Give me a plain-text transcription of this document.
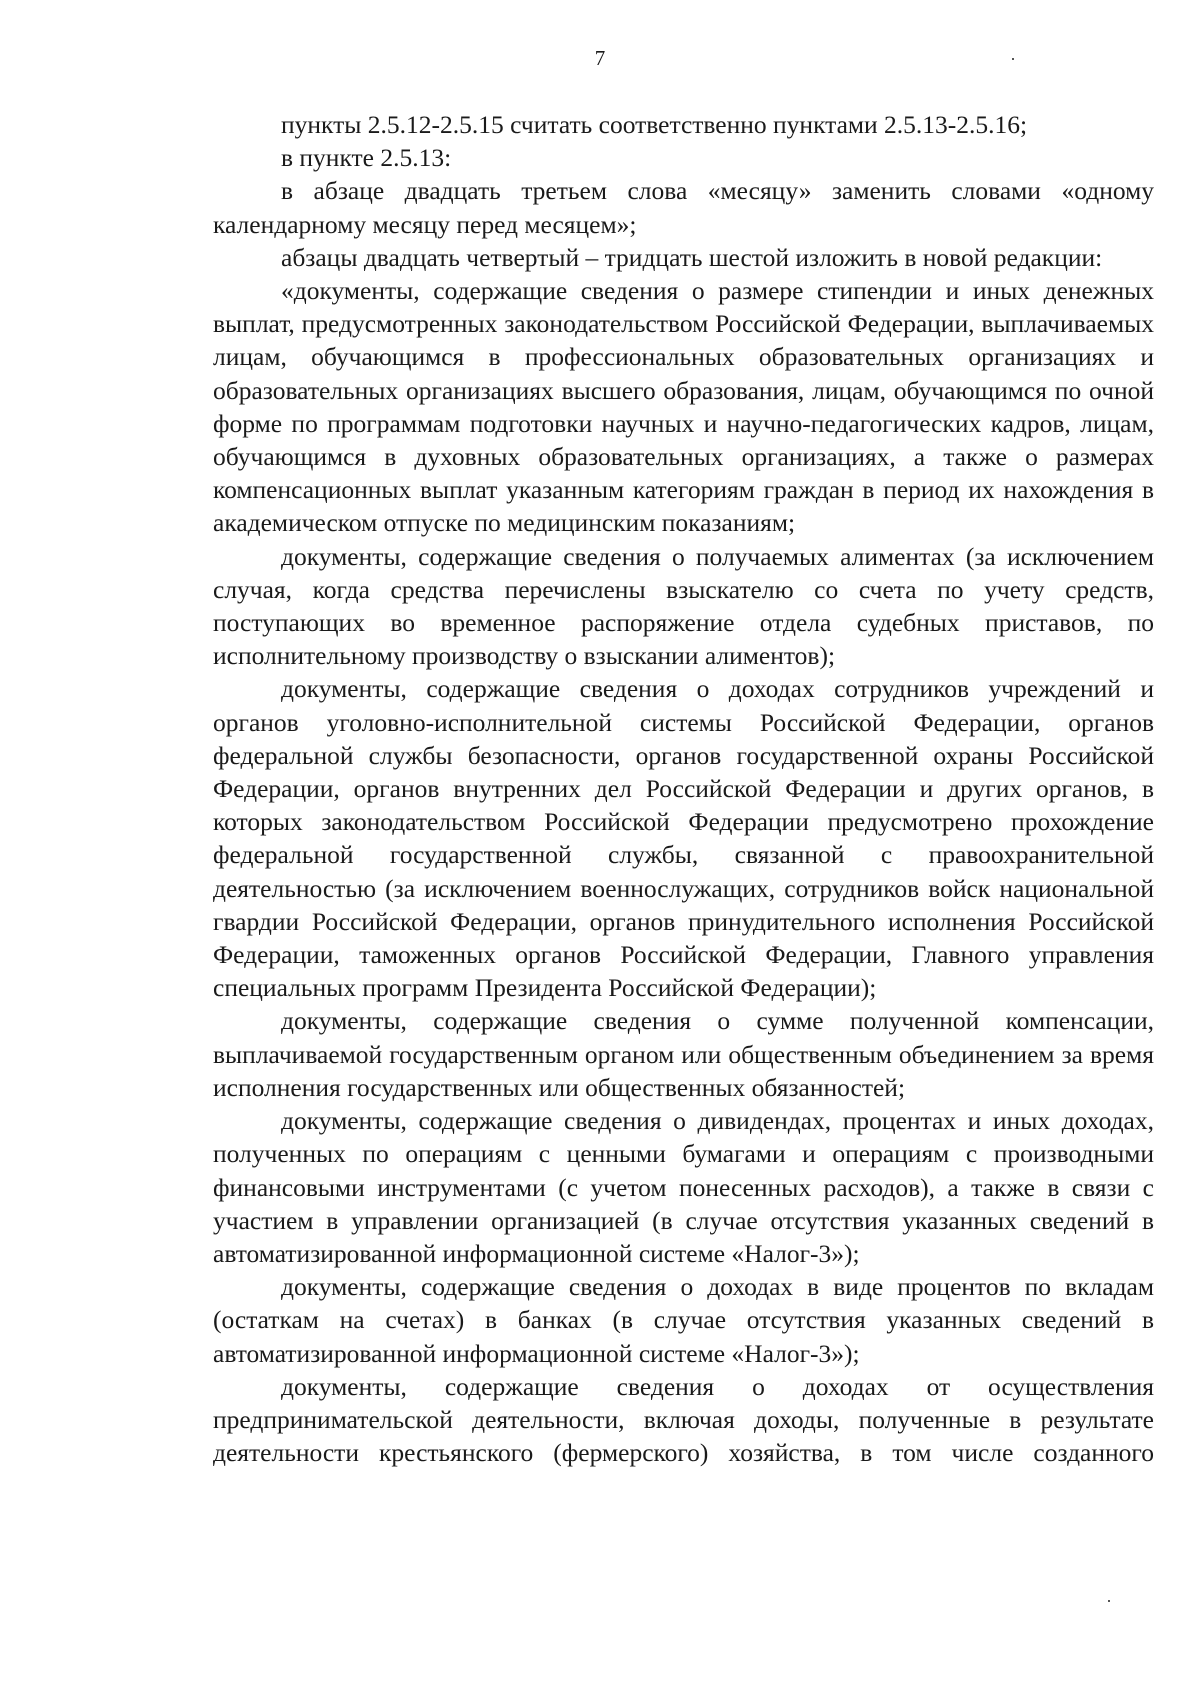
7

пункты 2.5.12-2.5.15 считать соответственно пунктами 2.5.13-2.5.16;

в пункте 2.5.13:

в абзаце двадцать третьем слова «месяцу» заменить словами «одному календарному месяцу перед месяцем»;

абзацы двадцать четвертый – тридцать шестой изложить в новой редакции:

«документы, содержащие сведения о размере стипендии и иных денежных выплат, предусмотренных законодательством Российской Федерации, выплачиваемых лицам, обучающимся в профессиональных образовательных организациях и образовательных организациях высшего образования, лицам, обучающимся по очной форме по программам подготовки научных и научно-педагогических кадров, лицам, обучающимся в духовных образовательных организациях, а также о размерах компенсационных выплат указанным категориям граждан в период их нахождения в академическом отпуске по медицинским показаниям;

документы, содержащие сведения о получаемых алиментах (за исключением случая, когда средства перечислены взыскателю со счета по учету средств, поступающих во временное распоряжение отдела судебных приставов, по исполнительному производству о взыскании алиментов);

документы, содержащие сведения о доходах сотрудников учреждений и органов уголовно-исполнительной системы Российской Федерации, органов федеральной службы безопасности, органов государственной охраны Российской Федерации, органов внутренних дел Российской Федерации и других органов, в которых законодательством Российской Федерации предусмотрено прохождение федеральной государственной службы, связанной с правоохранительной деятельностью (за исключением военнослужащих, сотрудников войск национальной гвардии Российской Федерации, органов принудительного исполнения Российской Федерации, таможенных органов Российской Федерации, Главного управления специальных программ Президента Российской Федерации);

документы, содержащие сведения о сумме полученной компенсации, выплачиваемой государственным органом или общественным объединением за время исполнения государственных или общественных обязанностей;

документы, содержащие сведения о дивидендах, процентах и иных доходах, полученных по операциям с ценными бумагами и операциям с производными финансовыми инструментами (с учетом понесенных расходов), а также в связи с участием в управлении организацией (в случае отсутствия указанных сведений в автоматизированной информационной системе «Налог-3»);

документы, содержащие сведения о доходах в виде процентов по вкладам (остаткам на счетах) в банках (в случае отсутствия указанных сведений в автоматизированной информационной системе «Налог-3»);

документы, содержащие сведения о доходах от осуществления предпринимательской деятельности, включая доходы, полученные в результате деятельности крестьянского (фермерского) хозяйства, в том числе созданного
